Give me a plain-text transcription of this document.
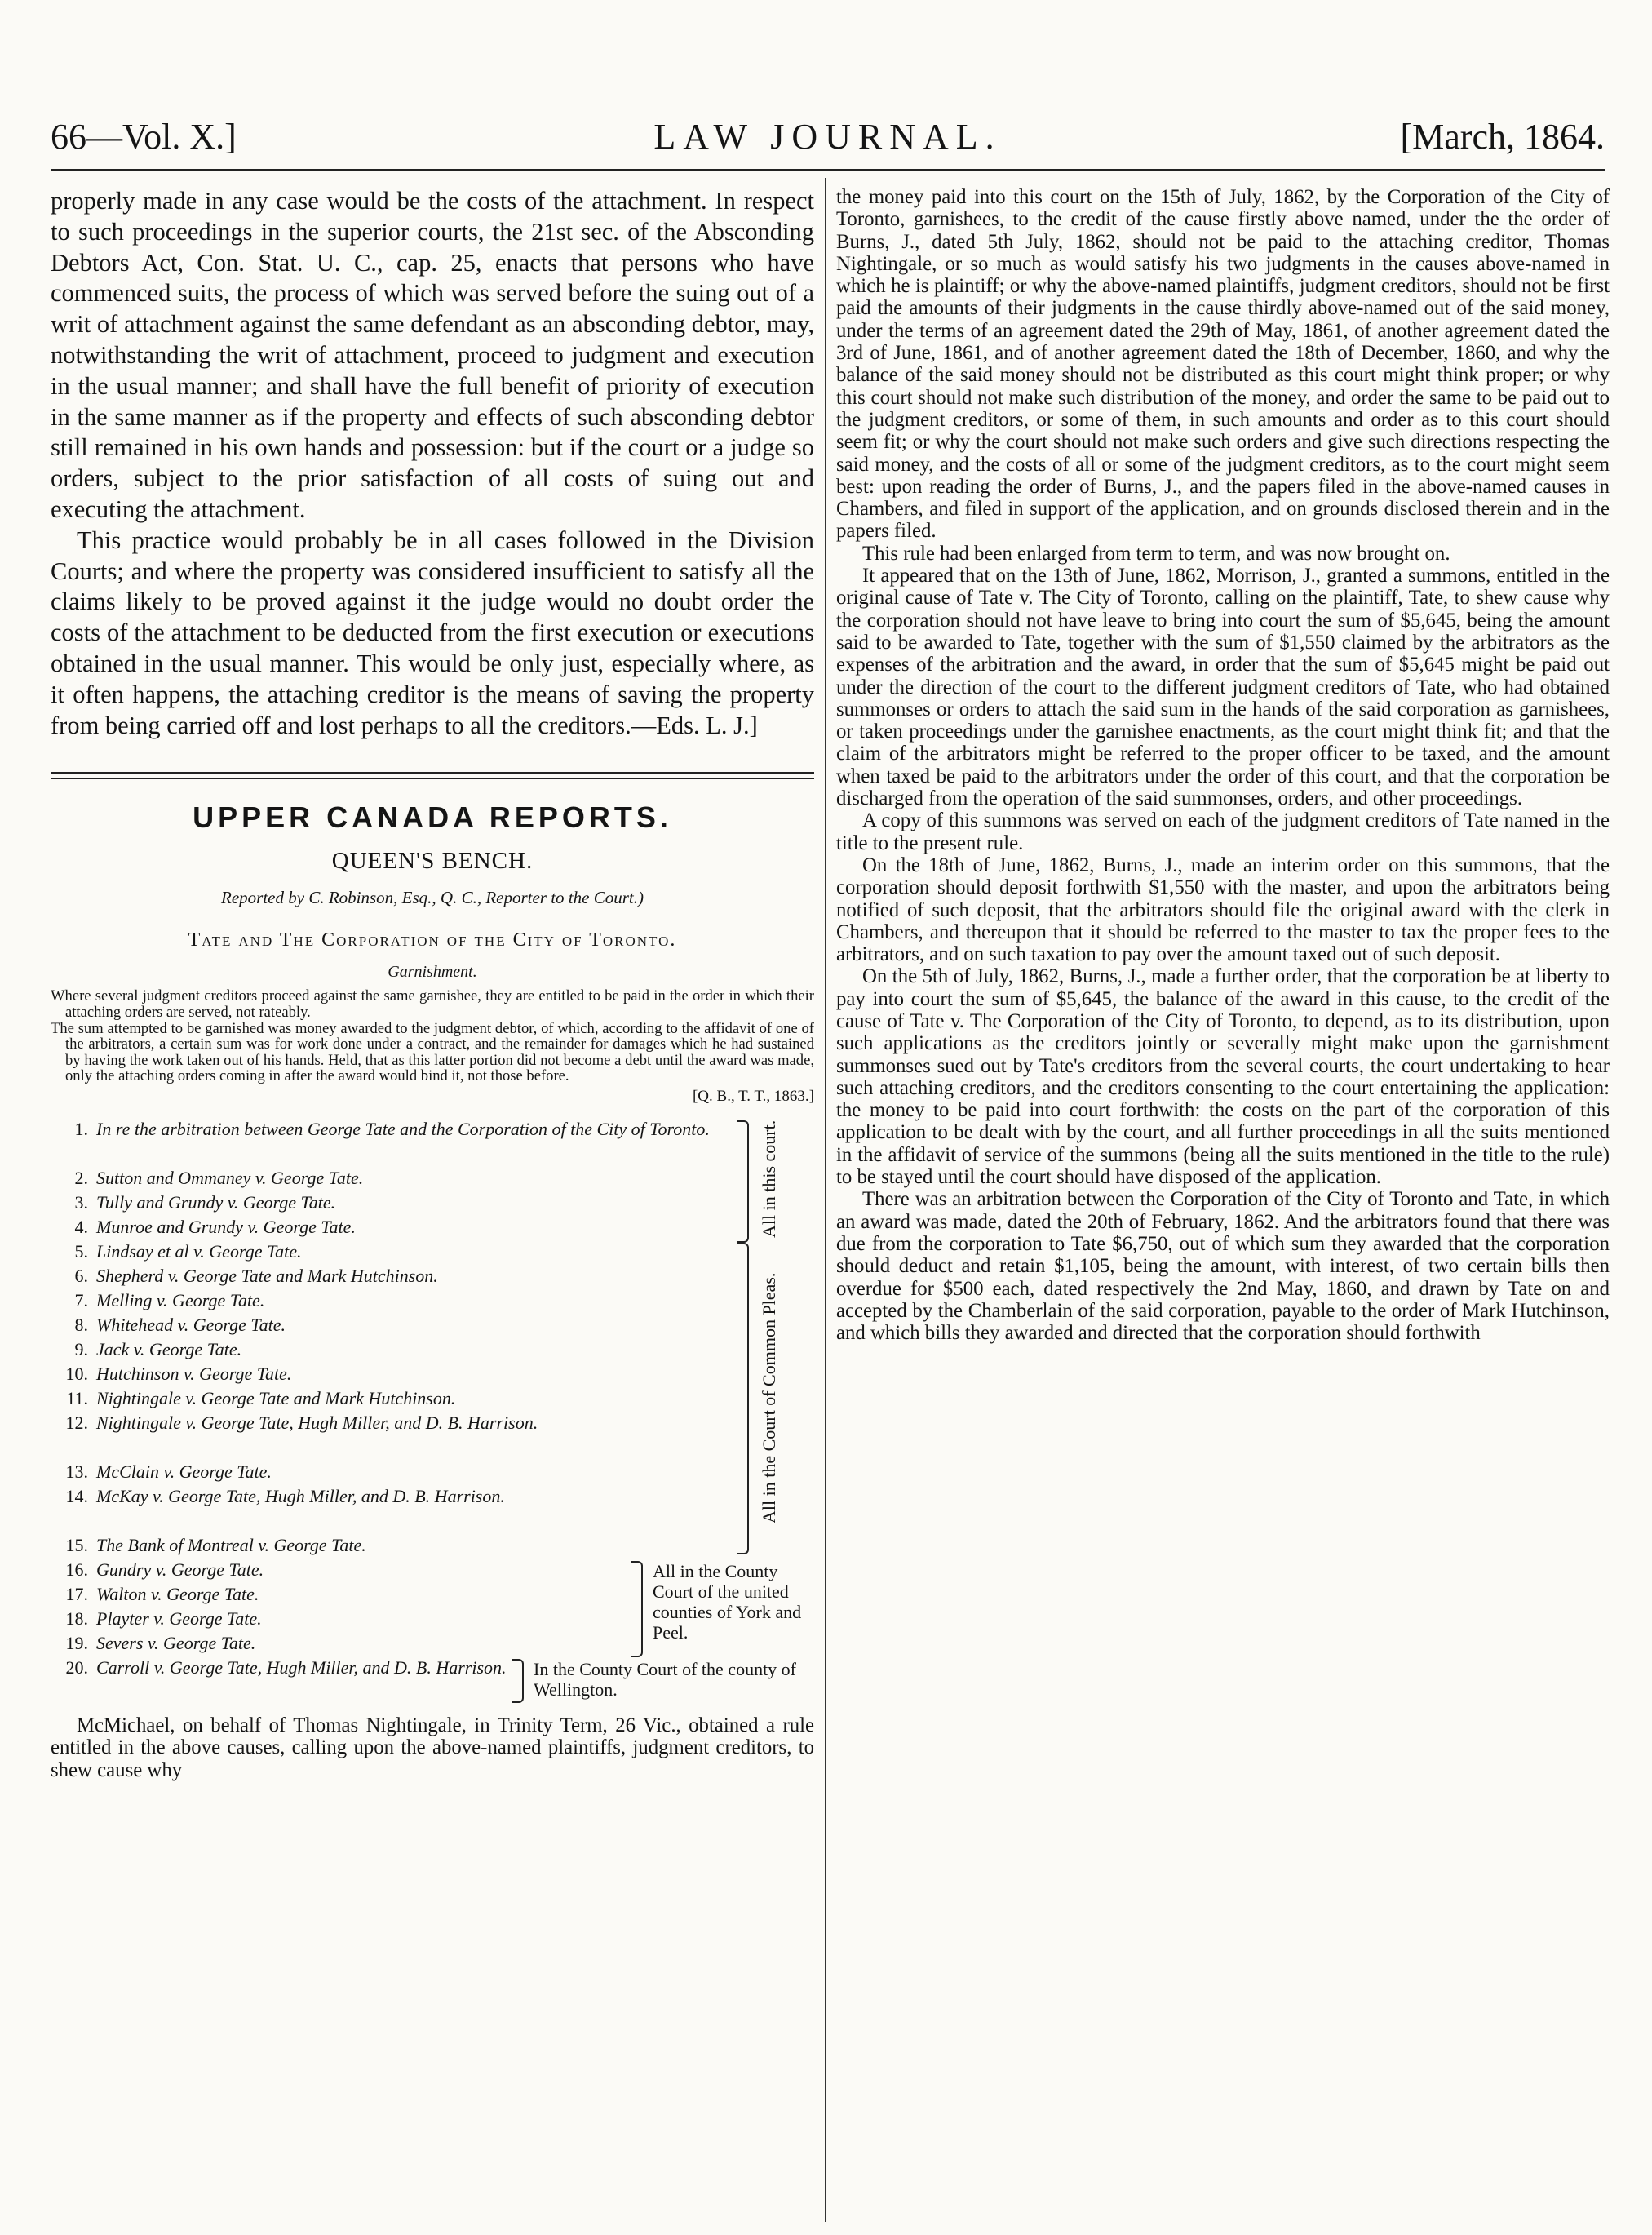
66—Vol. X.]	LAW JOURNAL.	[March, 1864.

properly made in any case would be the costs of the attachment. In respect to such proceedings in the superior courts, the 21st sec. of the Absconding Debtors Act, Con. Stat. U. C., cap. 25, enacts that persons who have commenced suits, the process of which was served before the suing out of a writ of attachment against the same defendant as an absconding debtor, may, notwithstanding the writ of attachment, proceed to judgment and execution in the usual manner; and shall have the full benefit of priority of execution in the same manner as if the property and effects of such absconding debtor still remained in his own hands and possession: but if the court or a judge so orders, subject to the prior satisfaction of all costs of suing out and executing the attachment.

This practice would probably be in all cases followed in the Division Courts; and where the property was considered insufficient to satisfy all the claims likely to be proved against it the judge would no doubt order the costs of the attachment to be deducted from the first execution or executions obtained in the usual manner. This would be only just, especially where, as it often happens, the attaching creditor is the means of saving the property from being carried off and lost perhaps to all the creditors.—Eds. L. J.]

UPPER CANADA REPORTS.
QUEEN'S BENCH.
Reported by C. Robinson, Esq., Q. C., Reporter to the Court.)
Tate and The Corporation of the City of Toronto.
Garnishment.

Where several judgment creditors proceed against the same garnishee, they are entitled to be paid in the order in which their attaching orders are served, not rateably.

The sum attempted to be garnished was money awarded to the judgment debtor, of which, according to the affidavit of one of the arbitrators, a certain sum was for work done under a contract, and the remainder for damages which he had sustained by having the work taken out of his hands. Held, that as this latter portion did not become a debt until the award was made, only the attaching orders coming in after the award would bind it, not those before.

[Q. B., T. T., 1863.]
1. In re the arbitration between George Tate and the Corporation of the City of Toronto.
2. Sutton and Ommaney v. George Tate.
3. Tully and Grundy v. George Tate.
4. Munroe and Grundy v. George Tate.
5. Lindsay et al v. George Tate.
6. Shepherd v. George Tate and Mark Hutchinson.
7. Melling v. George Tate.
8. Whitehead v. George Tate.
9. Jack v. George Tate.
10. Hutchinson v. George Tate.
11. Nightingale v. George Tate and Mark Hutchinson.
12. Nightingale v. George Tate, Hugh Miller, and D. B. Harrison.
13. McClain v. George Tate.
14. McKay v. George Tate, Hugh Miller, and D. B. Harrison.
15. The Bank of Montreal v. George Tate.
16. Gundry v. George Tate.
17. Walton v. George Tate.
18. Playter v. George Tate.
19. Severs v. George Tate.
20. Carroll v. George Tate, Hugh Miller, and D. B. Harrison.
All in this court.
All in the Court of Common Pleas.
All in the County Court of the united counties of York and Peel.
In the County Court of the county of Wellington.

McMichael, on behalf of Thomas Nightingale, in Trinity Term, 26 Vic., obtained a rule entitled in the above causes, calling upon the above-named plaintiffs, judgment creditors, to shew cause why

the money paid into this court on the 15th of July, 1862, by the Corporation of the City of Toronto, garnishees, to the credit of the cause firstly above named, under the the order of Burns, J., dated 5th July, 1862, should not be paid to the attaching creditor, Thomas Nightingale, or so much as would satisfy his two judgments in the causes above-named in which he is plaintiff; or why the above-named plaintiffs, judgment creditors, should not be first paid the amounts of their judgments in the cause thirdly above-named out of the said money, under the terms of an agreement dated the 29th of May, 1861, of another agreement dated the 3rd of June, 1861, and of another agreement dated the 18th of December, 1860, and why the balance of the said money should not be distributed as this court might think proper; or why this court should not make such distribution of the money, and order the same to be paid out to the judgment creditors, or some of them, in such amounts and order as to this court should seem fit; or why the court should not make such orders and give such directions respecting the said money, and the costs of all or some of the judgment creditors, as to the court might seem best: upon reading the order of Burns, J., and the papers filed in the above-named causes in Chambers, and filed in support of the application, and on grounds disclosed therein and in the papers filed.

This rule had been enlarged from term to term, and was now brought on.

It appeared that on the 13th of June, 1862, Morrison, J., granted a summons, entitled in the original cause of Tate v. The City of Toronto, calling on the plaintiff, Tate, to shew cause why the corporation should not have leave to bring into court the sum of $5,645, being the amount said to be awarded to Tate, together with the sum of $1,550 claimed by the arbitrators as the expenses of the arbitration and the award, in order that the sum of $5,645 might be paid out under the direction of the court to the different judgment creditors of Tate, who had obtained summonses or orders to attach the said sum in the hands of the said corporation as garnishees, or taken proceedings under the garnishee enactments, as the court might think fit; and that the claim of the arbitrators might be referred to the proper officer to be taxed, and the amount when taxed be paid to the arbitrators under the order of this court, and that the corporation be discharged from the operation of the said summonses, orders, and other proceedings.

A copy of this summons was served on each of the judgment creditors of Tate named in the title to the present rule.

On the 18th of June, 1862, Burns, J., made an interim order on this summons, that the corporation should deposit forthwith $1,550 with the master, and upon the arbitrators being notified of such deposit, that the arbitrators should file the original award with the clerk in Chambers, and thereupon that it should be referred to the master to tax the proper fees to the arbitrators, and on such taxation to pay over the amount taxed out of such deposit.

On the 5th of July, 1862, Burns, J., made a further order, that the corporation be at liberty to pay into court the sum of $5,645, the balance of the award in this cause, to the credit of the cause of Tate v. The Corporation of the City of Toronto, to depend, as to its distribution, upon such applications as the creditors jointly or severally might make upon the garnishment summonses sued out by Tate's creditors from the several courts, the court undertaking to hear such attaching creditors, and the creditors consenting to the court entertaining the application: the money to be paid into court forthwith: the costs on the part of the corporation of this application to be dealt with by the court, and all further proceedings in all the suits mentioned in the affidavit of service of the summons (being all the suits mentioned in the title to the rule) to be stayed until the court should have disposed of the application.

There was an arbitration between the Corporation of the City of Toronto and Tate, in which an award was made, dated the 20th of February, 1862. And the arbitrators found that there was due from the corporation to Tate $6,750, out of which sum they awarded that the corporation should deduct and retain $1,105, being the amount, with interest, of two certain bills then overdue for $500 each, dated respectively the 2nd May, 1860, and drawn by Tate on and accepted by the Chamberlain of the said corporation, payable to the order of Mark Hutchinson, and which bills they awarded and directed that the corporation should forthwith
